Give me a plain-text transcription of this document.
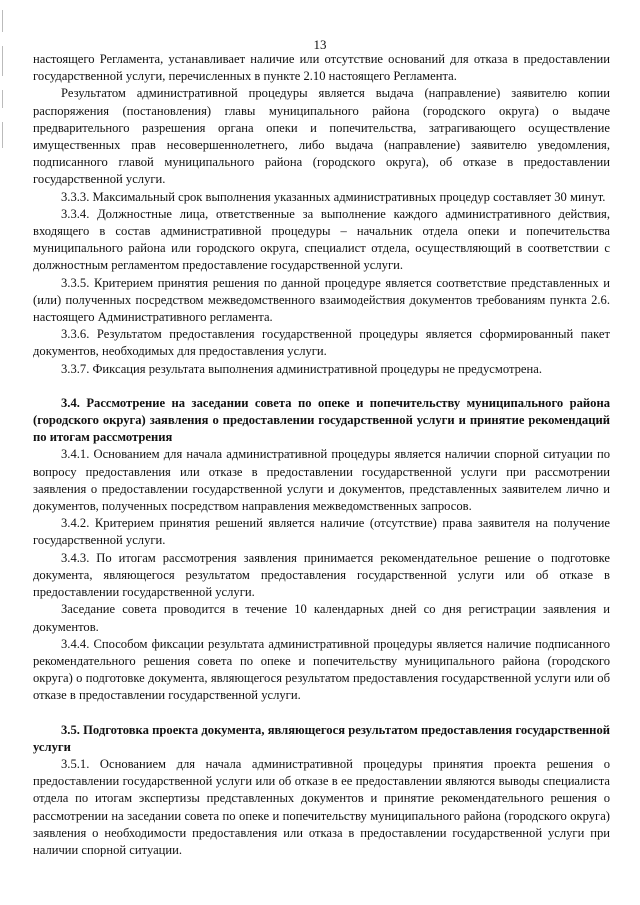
13

настоящего Регламента, устанавливает наличие или отсутствие оснований для отказа в предоставлении государственной услуги, перечисленных в пункте 2.10 настоящего Регламента.

Результатом административной процедуры является выдача (направление) заявителю копии распоряжения (постановления) главы муниципального района (городского округа) о выдаче предварительного разрешения органа опеки и попечительства, затрагивающего осуществление имущественных прав несовершеннолетнего, либо выдача (направление) заявителю уведомления, подписанного главой муниципального района (городского округа), об отказе в предоставлении государственной услуги.

3.3.3. Максимальный срок выполнения указанных административных процедур составляет 30 минут.

3.3.4. Должностные лица, ответственные за выполнение каждого административного действия, входящего в состав административной процедуры – начальник отдела опеки и попечительства муниципального района или городского округа, специалист отдела, осуществляющий в соответствии с должностным регламентом предоставление государственной услуги.

3.3.5. Критерием принятия решения по данной процедуре является соответствие представленных и (или) полученных посредством межведомственного взаимодействия документов требованиям пункта 2.6. настоящего Административного регламента.

3.3.6. Результатом предоставления государственной процедуры является сформированный пакет документов, необходимых для предоставления услуги.

3.3.7. Фиксация результата выполнения административной процедуры не предусмотрена.

3.4. Рассмотрение на заседании совета по опеке и попечительству муниципального района (городского округа) заявления о предоставлении государственной услуги и принятие рекомендаций по итогам рассмотрения

3.4.1. Основанием для начала административной процедуры является наличии спорной ситуации по вопросу предоставления или отказе в предоставлении государственной услуги при рассмотрении заявления о предоставлении государственной услуги и документов, представленных заявителем лично и документов, полученных посредством направления межведомственных запросов.

3.4.2. Критерием принятия решений является наличие (отсутствие) права заявителя на получение государственной услуги.

3.4.3. По итогам рассмотрения заявления принимается рекомендательное решение о подготовке документа, являющегося результатом предоставления государственной услуги или об отказе в предоставлении государственной услуги.

Заседание совета проводится в течение 10 календарных дней со дня регистрации заявления и документов.

3.4.4. Способом фиксации результата административной процедуры является наличие подписанного рекомендательного решения совета по опеке и попечительству муниципального района (городского округа) о подготовке документа, являющегося результатом предоставления государственной услуги или об отказе в предоставлении государственной услуги.

3.5. Подготовка проекта документа, являющегося результатом предоставления государственной услуги

3.5.1. Основанием для начала административной процедуры принятия проекта решения о предоставлении государственной услуги или об отказе в ее предоставлении являются выводы специалиста отдела по итогам экспертизы представленных документов и принятие рекомендательного решения о рассмотрении на заседании совета по опеке и попечительству муниципального района (городского округа) заявления о необходимости предоставления или отказа в предоставлении государственной услуги при наличии спорной ситуации.
